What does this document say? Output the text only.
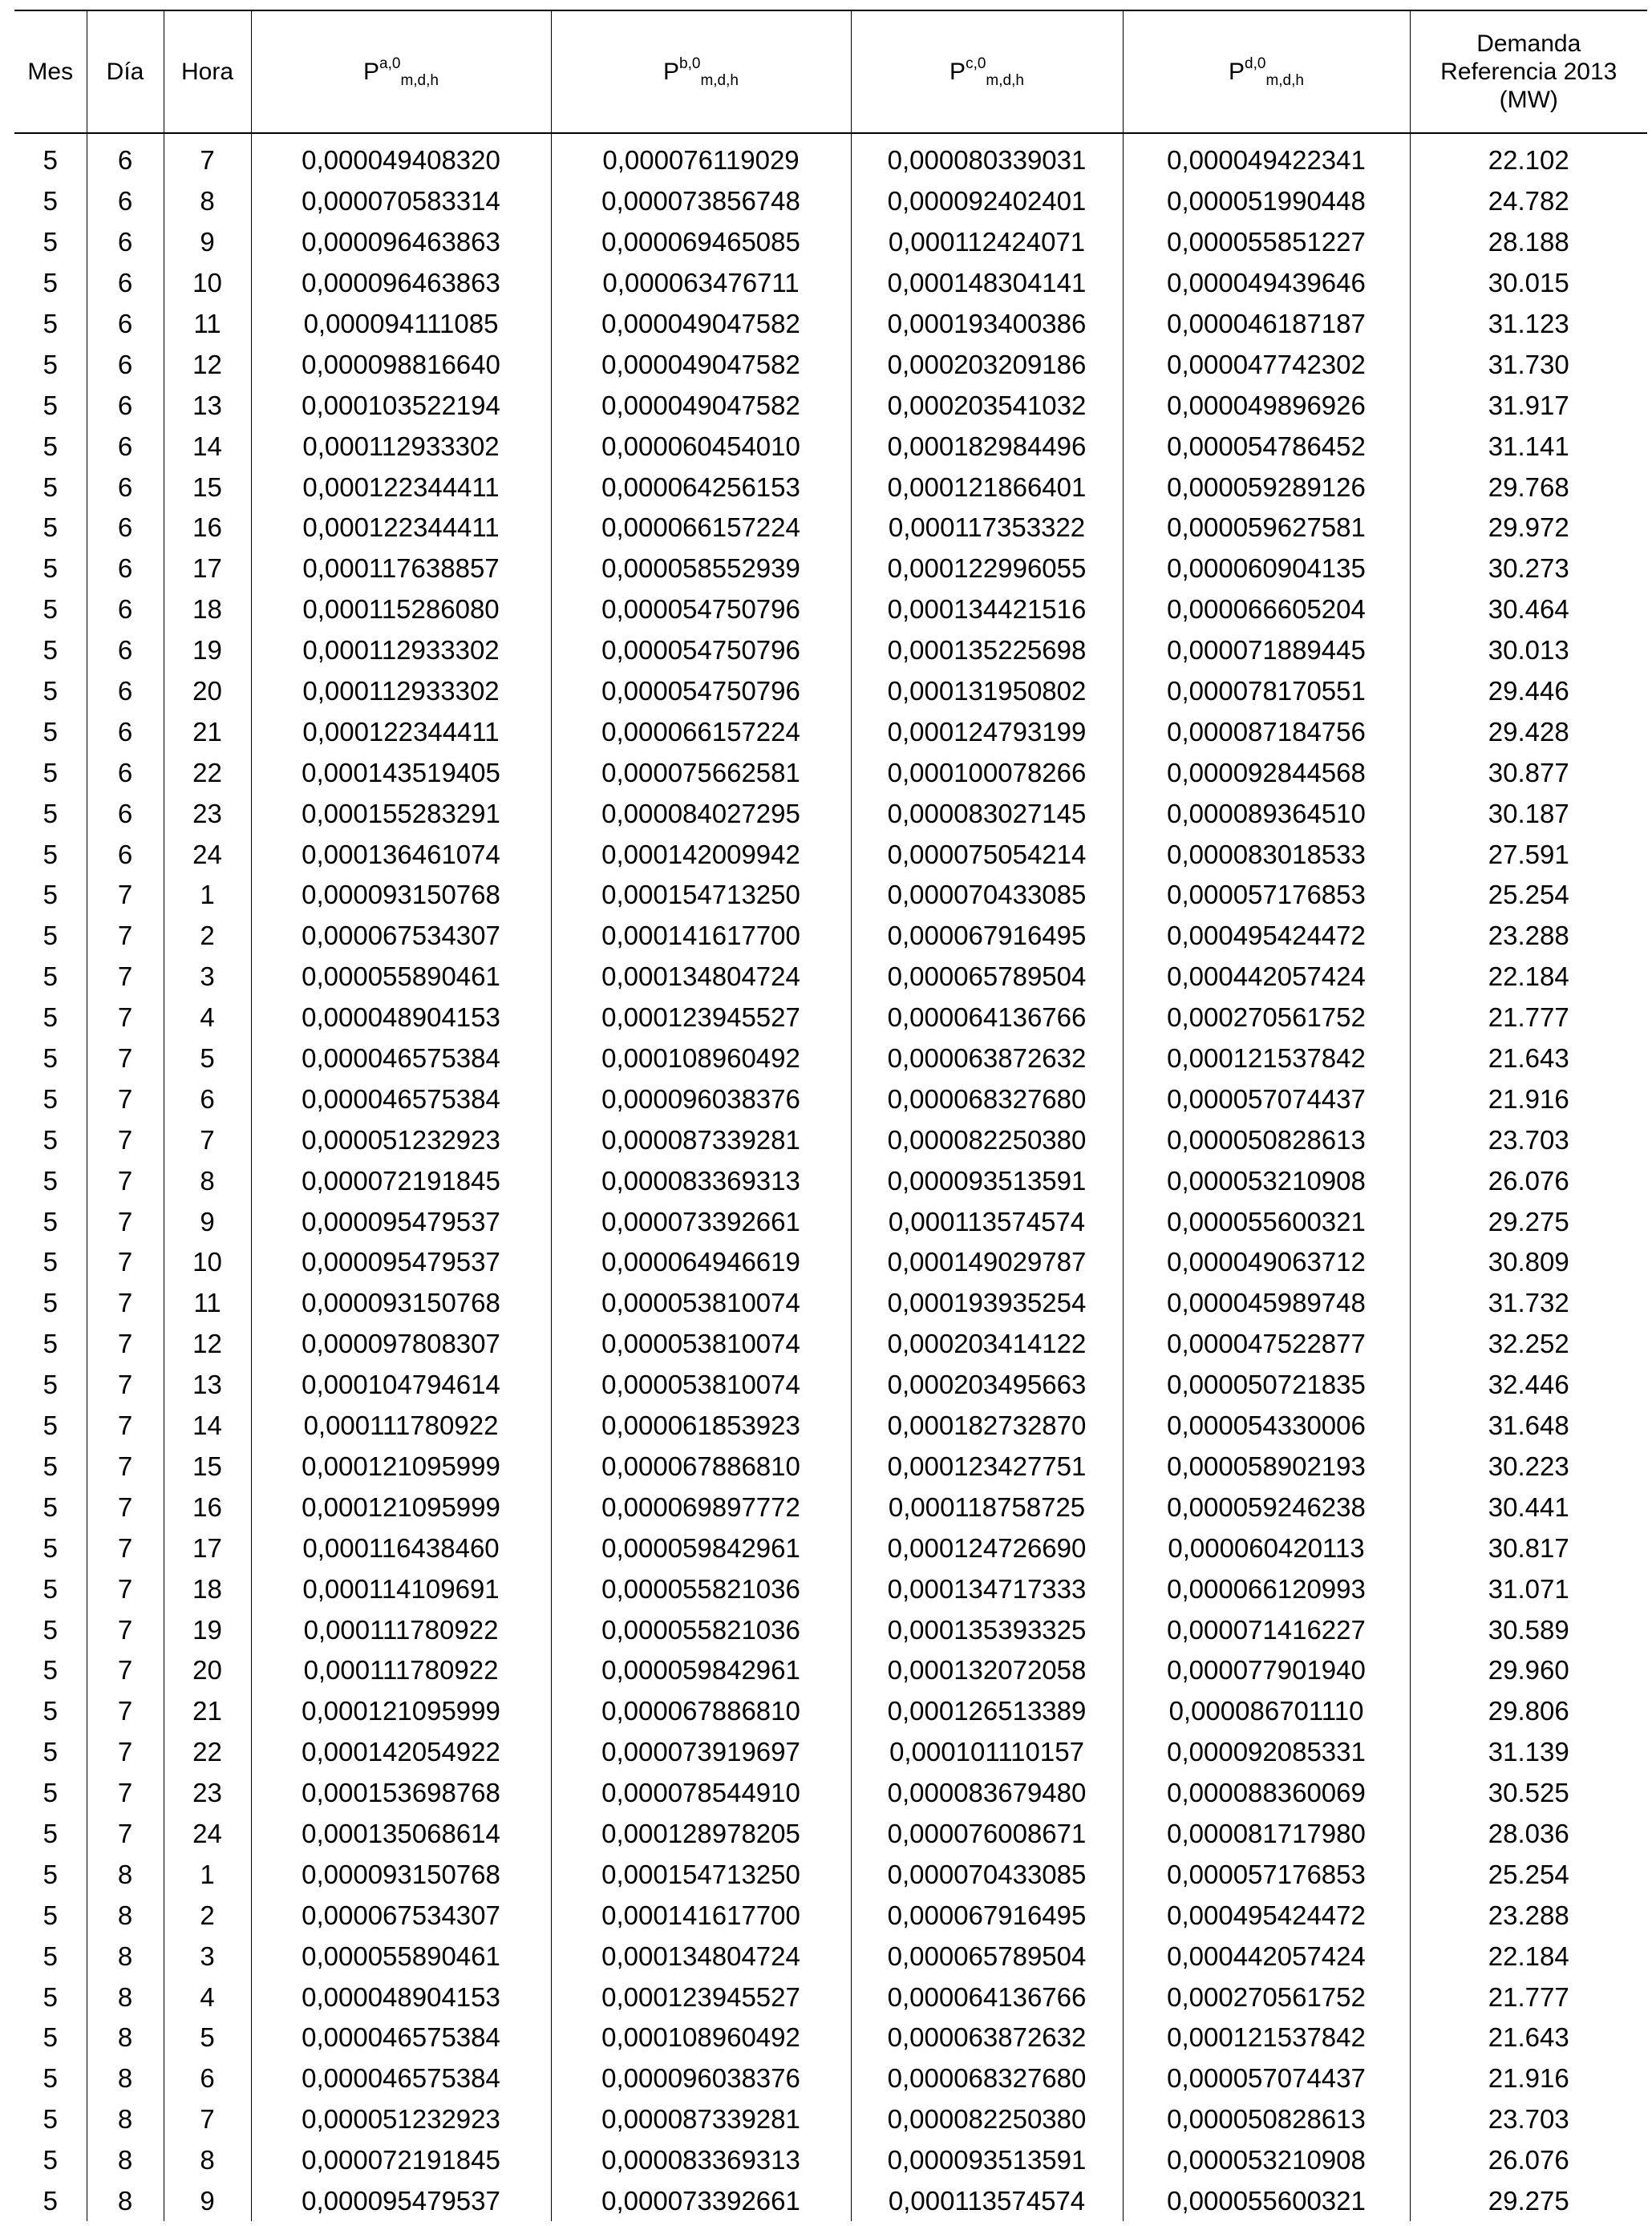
Mes	Día	Hora	P$^{a,0}_{m,d,h}$	P$^{b,0}_{m,d,h}$	P$^{c,0}_{m,d,h}$	P$^{d,0}_{m,d,h}$	Demanda
Referencia 2013
(MW)
5	6	7	0,000049408320	0,000076119029	0,000080339031	0,000049422341	22.102
5	6	8	0,000070583314	0,000073856748	0,000092402401	0,000051990448	24.782
5	6	9	0,000096463863	0,000069465085	0,000112424071	0,000055851227	28.188
5	6	10	0,000096463863	0,000063476711	0,000148304141	0,000049439646	30.015
5	6	11	0,000094111085	0,000049047582	0,000193400386	0,000046187187	31.123
5	6	12	0,000098816640	0,000049047582	0,000203209186	0,000047742302	31.730
5	6	13	0,000103522194	0,000049047582	0,000203541032	0,000049896926	31.917
5	6	14	0,000112933302	0,000060454010	0,000182984496	0,000054786452	31.141
5	6	15	0,000122344411	0,000064256153	0,000121866401	0,000059289126	29.768
5	6	16	0,000122344411	0,000066157224	0,000117353322	0,000059627581	29.972
5	6	17	0,000117638857	0,000058552939	0,000122996055	0,000060904135	30.273
5	6	18	0,000115286080	0,000054750796	0,000134421516	0,000066605204	30.464
5	6	19	0,000112933302	0,000054750796	0,000135225698	0,000071889445	30.013
5	6	20	0,000112933302	0,000054750796	0,000131950802	0,000078170551	29.446
5	6	21	0,000122344411	0,000066157224	0,000124793199	0,000087184756	29.428
5	6	22	0,000143519405	0,000075662581	0,000100078266	0,000092844568	30.877
5	6	23	0,000155283291	0,000084027295	0,000083027145	0,000089364510	30.187
5	6	24	0,000136461074	0,000142009942	0,000075054214	0,000083018533	27.591
5	7	1	0,000093150768	0,000154713250	0,000070433085	0,000057176853	25.254
5	7	2	0,000067534307	0,000141617700	0,000067916495	0,000495424472	23.288
5	7	3	0,000055890461	0,000134804724	0,000065789504	0,000442057424	22.184
5	7	4	0,000048904153	0,000123945527	0,000064136766	0,000270561752	21.777
5	7	5	0,000046575384	0,000108960492	0,000063872632	0,000121537842	21.643
5	7	6	0,000046575384	0,000096038376	0,000068327680	0,000057074437	21.916
5	7	7	0,000051232923	0,000087339281	0,000082250380	0,000050828613	23.703
5	7	8	0,000072191845	0,000083369313	0,000093513591	0,000053210908	26.076
5	7	9	0,000095479537	0,000073392661	0,000113574574	0,000055600321	29.275
5	7	10	0,000095479537	0,000064946619	0,000149029787	0,000049063712	30.809
5	7	11	0,000093150768	0,000053810074	0,000193935254	0,000045989748	31.732
5	7	12	0,000097808307	0,000053810074	0,000203414122	0,000047522877	32.252
5	7	13	0,000104794614	0,000053810074	0,000203495663	0,000050721835	32.446
5	7	14	0,000111780922	0,000061853923	0,000182732870	0,000054330006	31.648
5	7	15	0,000121095999	0,000067886810	0,000123427751	0,000058902193	30.223
5	7	16	0,000121095999	0,000069897772	0,000118758725	0,000059246238	30.441
5	7	17	0,000116438460	0,000059842961	0,000124726690	0,000060420113	30.817
5	7	18	0,000114109691	0,000055821036	0,000134717333	0,000066120993	31.071
5	7	19	0,000111780922	0,000055821036	0,000135393325	0,000071416227	30.589
5	7	20	0,000111780922	0,000059842961	0,000132072058	0,000077901940	29.960
5	7	21	0,000121095999	0,000067886810	0,000126513389	0,000086701110	29.806
5	7	22	0,000142054922	0,000073919697	0,000101110157	0,000092085331	31.139
5	7	23	0,000153698768	0,000078544910	0,000083679480	0,000088360069	30.525
5	7	24	0,000135068614	0,000128978205	0,000076008671	0,000081717980	28.036
5	8	1	0,000093150768	0,000154713250	0,000070433085	0,000057176853	25.254
5	8	2	0,000067534307	0,000141617700	0,000067916495	0,000495424472	23.288
5	8	3	0,000055890461	0,000134804724	0,000065789504	0,000442057424	22.184
5	8	4	0,000048904153	0,000123945527	0,000064136766	0,000270561752	21.777
5	8	5	0,000046575384	0,000108960492	0,000063872632	0,000121537842	21.643
5	8	6	0,000046575384	0,000096038376	0,000068327680	0,000057074437	21.916
5	8	7	0,000051232923	0,000087339281	0,000082250380	0,000050828613	23.703
5	8	8	0,000072191845	0,000083369313	0,000093513591	0,000053210908	26.076
5	8	9	0,000095479537	0,000073392661	0,000113574574	0,000055600321	29.275
